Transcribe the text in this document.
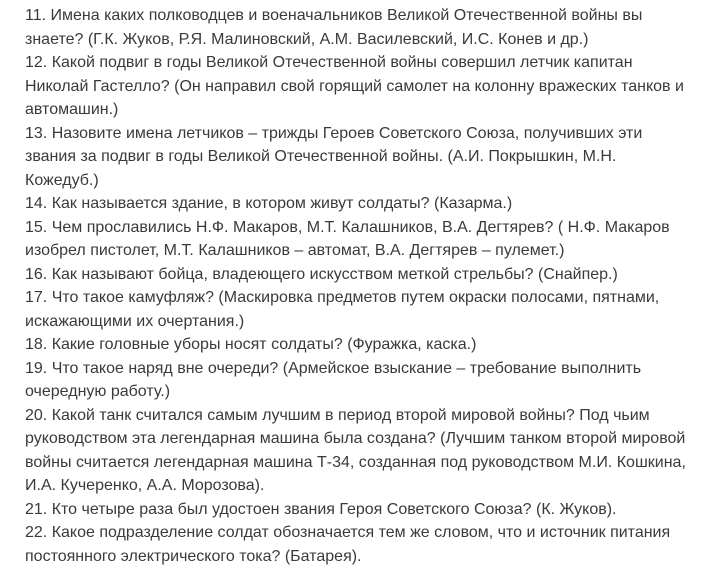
11. Имена каких полководцев и военачальников Великой Отечественной войны вы знаете? (Г.К. Жуков, Р.Я. Малиновский, А.М. Василевский, И.С. Конев и др.)

12. Какой подвиг в годы Великой Отечественной войны совершил летчик капитан Николай Гастелло? (Он направил свой горящий самолет на колонну вражеских танков и автомашин.)

13. Назовите имена летчиков – трижды Героев Советского Союза, получивших эти звания за подвиг в годы Великой Отечественной войны. (А.И. Покрышкин, М.Н. Кожедуб.)

14. Как называется здание, в котором живут солдаты? (Казарма.)

15. Чем прославились Н.Ф. Макаров, М.Т. Калашников, В.А. Дегтярев? ( Н.Ф. Макаров изобрел пистолет, М.Т. Калашников – автомат, В.А. Дегтярев – пулемет.)

16. Как называют бойца, владеющего искусством меткой стрельбы? (Снайпер.)

17. Что такое камуфляж? (Маскировка предметов путем окраски полосами, пятнами, искажающими их очертания.)

18. Какие головные уборы носят солдаты? (Фуражка, каска.)

19. Что такое наряд вне очереди? (Армейское взыскание – требование выполнить очередную работу.)

20. Какой танк считался самым лучшим в период второй мировой войны? Под чьим руководством эта легендарная машина была создана? (Лучшим танком второй мировой войны считается легендарная машина Т-34, созданная под руководством М.И. Кошкина, И.А. Кучеренко, А.А. Морозова).

21. Кто четыре раза был удостоен звания Героя Советского Союза? (К. Жуков).

22. Какое подразделение солдат обозначается тем же словом, что и источник питания постоянного электрического тока? (Батарея).
